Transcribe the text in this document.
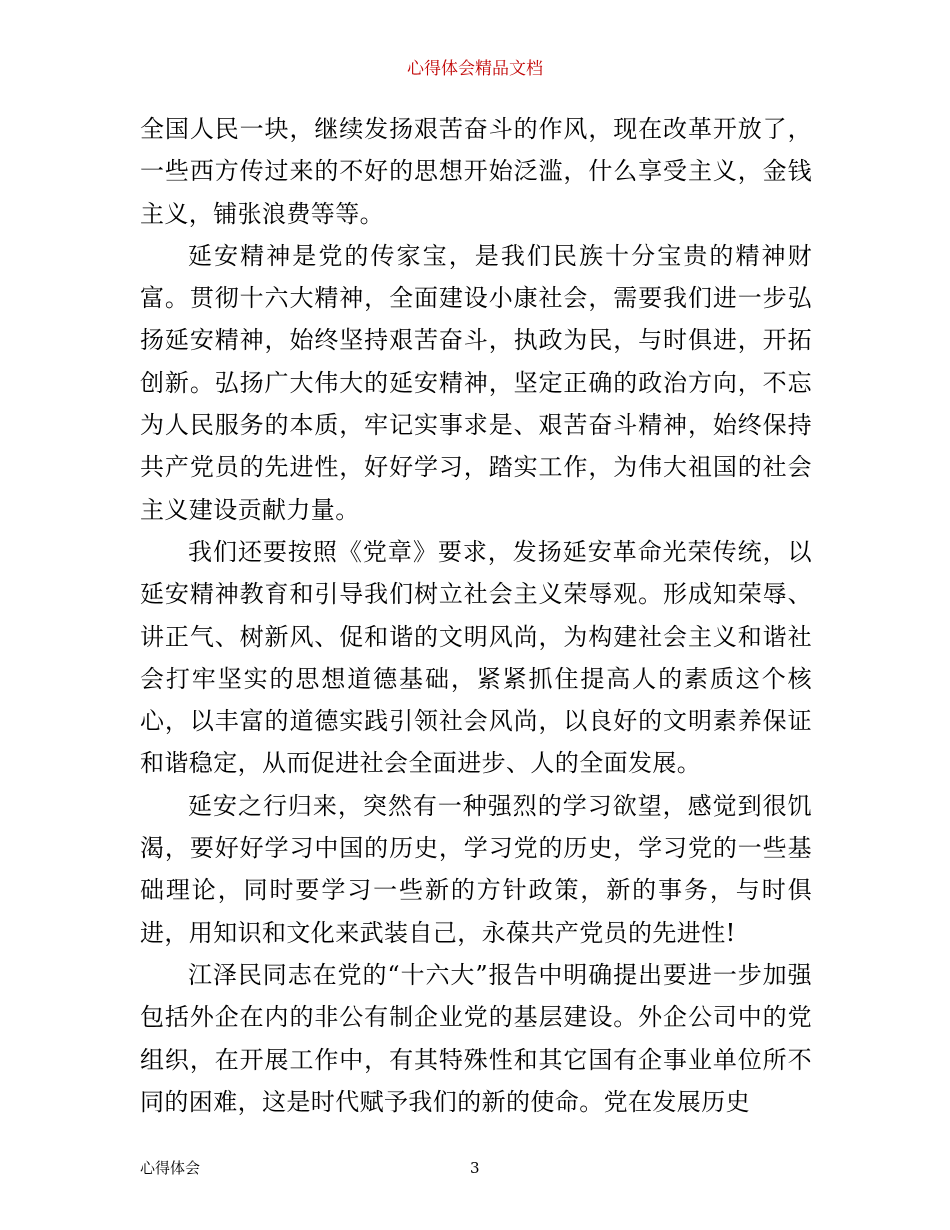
心得体会精品文档

全国人民一块，继续发扬艰苦奋斗的作风，现在改革开放了，一些西方传过来的不好的思想开始泛滥，什么享受主义，金钱主义，铺张浪费等等。

延安精神是党的传家宝，是我们民族十分宝贵的精神财富。贯彻十六大精神，全面建设小康社会，需要我们进一步弘扬延安精神，始终坚持艰苦奋斗，执政为民，与时俱进，开拓创新。弘扬广大伟大的延安精神，坚定正确的政治方向，不忘为人民服务的本质，牢记实事求是、艰苦奋斗精神，始终保持共产党员的先进性，好好学习，踏实工作，为伟大祖国的社会主义建设贡献力量。

我们还要按照《党章》要求，发扬延安革命光荣传统，以延安精神教育和引导我们树立社会主义荣辱观。形成知荣辱、讲正气、树新风、促和谐的文明风尚，为构建社会主义和谐社会打牢坚实的思想道德基础，紧紧抓住提高人的素质这个核心，以丰富的道德实践引领社会风尚，以良好的文明素养保证和谐稳定，从而促进社会全面进步、人的全面发展。

延安之行归来，突然有一种强烈的学习欲望，感觉到很饥渴，要好好学习中国的历史，学习党的历史，学习党的一些基础理论，同时要学习一些新的方针政策，新的事务，与时俱进，用知识和文化来武装自己，永葆共产党员的先进性!

江泽民同志在党的“十六大”报告中明确提出要进一步加强包括外企在内的非公有制企业党的基层建设。外企公司中的党组织，在开展工作中，有其特殊性和其它国有企事业单位所不同的困难，这是时代赋予我们的新的使命。党在发展历史

心得体会	3
